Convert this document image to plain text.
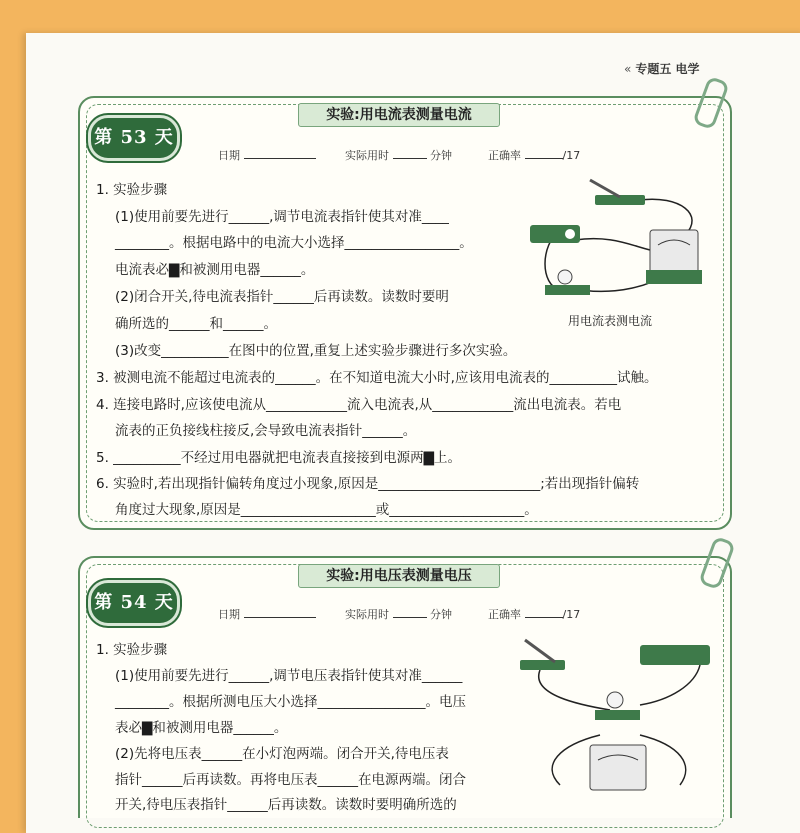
« 专题五 电学
第 53 天
实验:用电流表测量电流
日期	实际用时	分钟	正确率	/17
1. 实验步骤
(1)使用前要先进行______,调节电流表指针使其对准____
________。根据电路中的电流大小选择_________________。
电流表必▇和被测用电器______。
(2)闭合开关,待电流表指针______后再读数。读数时要明
确所选的______和______。
(3)改变__________在图中的位置,重复上述实验步骤进行多次实验。
3. 被测电流不能超过电流表的______。在不知道电流大小时,应该用电流表的__________试触。
4. 连接电路时,应该使电流从____________流入电流表,从____________流出电流表。若电
流表的正负接线柱接反,会导致电流表指针______。
5. __________不经过用电器就把电流表直接接到电源两▇上。
6. 实验时,若出现指针偏转角度过小现象,原因是________________________;若出现指针偏转
角度过大现象,原因是____________________或____________________。
用电流表测电流
第 54 天
实验:用电压表测量电压
日期	实际用时	分钟	正确率	/17
1. 实验步骤
(1)使用前要先进行______,调节电压表指针使其对准______
________。根据所测电压大小选择________________。电压
表必▇和被测用电器______。
(2)先将电压表______在小灯泡两端。闭合开关,待电压表
指针______后再读数。再将电压表______在电源两端。闭合
开关,待电压表指针______后再读数。读数时要明确所选的
